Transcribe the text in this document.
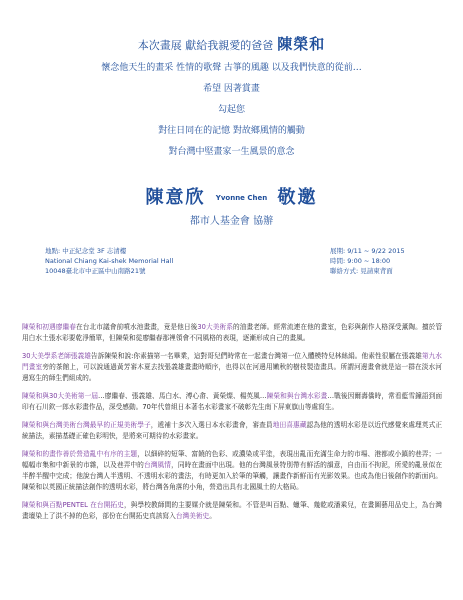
本次畫展 獻給我親愛的爸爸 陳榮和
懷念他天生的畫采 性情的歌聲 古箏的風趣 以及我們快意的從前…
希望 因著賞畫
勾起您
對往日同在的記憶 對故鄉風情的觸動
對台灣中堅畫家一生風景的意念
陳意欣 Yvonne Chen 敬邀
都市人基金會 協辦
地點: 中正紀念堂 3F 志清樓
National Chiang Kai-shek Memorial Hall
10048臺北市中正區中山南路21號
展期: 9/11 ~ 9/22 2015
時間: 9:00 ~ 18:00
聯絡方式: 見請柬背面

陳榮和初遇廖繼春在台北市議會前噴水池畫畫，竟是他日後30大美術系的油畫老師。經常流連在他的畫室，色彩與創作人格深受薰陶。擅於管用白水土張水彩要乾淨簡單，但陳榮和從廖繼春那裡領會不同風格的表現，逐漸形成自己的畫風。

30大美學系老師張義雄告訴陳榮和說:你素描第一名畢業，這對哥兒們時常在一起畫台灣第一位入體模特兒林絲絹。他素性很屬在張義雄第九水門畫室旁的茶館上，可以說通過黃芳審木夏去找張義雄畫畫時順序，也得以在河邊用嫩秋的樹枝製造畫具。所謂河邊畫會就是這一群在淡水河邊寫生的師生們組成的。

陳榮和與30大美術第一屆…廖繼春、張義雄、馬白水、溥心畬、黃榮燦、楊英風…陳榮和與台灣水彩畫…戰後因爾壽僑時，常看藍雪鐘語到面印有石川欽一郎水彩畫作品，深受感動。70年代曾組日本著名水彩畫家不破彰先生南下屏東旗山等處寫生。

陳榮和與台灣美術台灣最早的正規美術學子，遞補十多次入選日本水彩畫會，審查員地田喜惠藏認為他的透明水彩是以近代感覺來處理英式正統描法，素描基礎正確色彩明快，是將來可期待的水彩畫家。

陳榮和的畫作善於營造亂中有序的主題，以細碎的短筆、富饒的色彩、或濃染或平塗，表現出亂而充滿生命力的市場、港都或小鎮的巷弄；一幅幅市集和中新景的市雜，以及巷弄中的台灣風情，同時在畫面中出現。他的台灣風景特別帶有鮮活的韻意，自由而不拘泥，所愛的亂景似在半醉半醒中完成；他說台灣人半透明、不透明水彩的畫法，有時更加入於筆的筆觸，讓畫作新鮮而有光影效果。也成為他日後創作的新面向。陳榮和以英國正統描法創作的透明水彩，將台灣各角落的小角，營造出具有北國風土的大格局。

陳榮和與百點PENTEL 在台開拓史，與學校教師間的主要媒介就是陳榮和。不管是叫百點、蠟筆、幾乾或潘乘兒，在畫圖藝用品史上，為台灣畫壇染上了洪不掉的色彩，部份在台開拓史真該寫入台灣美術史。
